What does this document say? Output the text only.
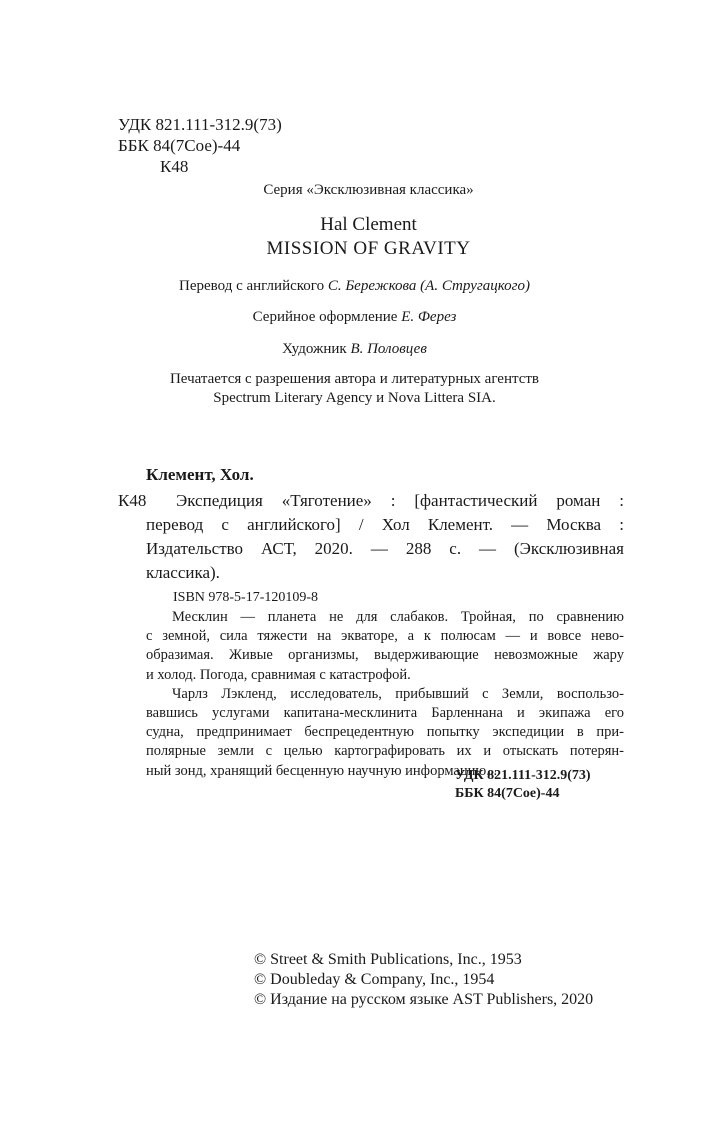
УДК 821.111-312.9(73)
ББК 84(7Сое)-44
К48
Серия «Эксклюзивная классика»
Hal Clement
MISSION OF GRAVITY
Перевод с английского С. Бережкова (А. Стругацкого)
Серийное оформление Е. Ферез
Художник В. Половцев
Печатается с разрешения автора и литературных агентств
Spectrum Literary Agency и Nova Littera SIA.
Клемент, Хол.
К48 Экспедиция «Тяготение» : [фантастический роман :
перевод с английского] / Хол Клемент. — Москва :
Издательство АСТ, 2020. — 288 с. — (Эксклюзивная
классика).
ISBN 978-5-17-120109-8
Месклин — планета не для слабаков. Тройная, по сравнению
с земной, сила тяжести на экваторе, а к полюсам — и вовсе нево-
образимая. Живые организмы, выдерживающие невозможные жару
и холод. Погода, сравнимая с катастрофой.
Чарлз Лэкленд, исследователь, прибывший с Земли, воспользо-
вавшись услугами капитана-месклинита Барленнана и экипажа его
судна, предпринимает беспрецедентную попытку экспедиции в при-
полярные земли с целью картографировать их и отыскать потерян-
ный зонд, хранящий бесценную научную информацию...
УДК 821.111-312.9(73)
ББК 84(7Сое)-44
© Street & Smith Publications, Inc., 1953
© Doubleday & Company, Inc., 1954
© Издание на русском языке AST Publishers, 2020
